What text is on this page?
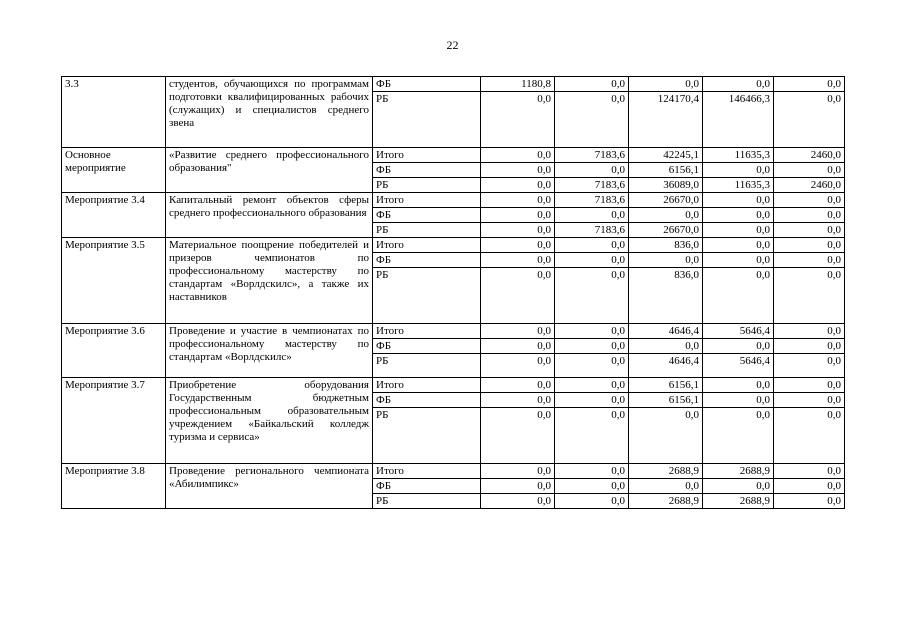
22
3.3	студентов, обучающихся по программам подготовки квалифицированных рабочих (служащих) и специалистов среднего звена	ФБ	1180,8	0,0	0,0	0,0	0,0
		РБ	0,0	0,0	124170,4	146466,3	0,0
Основное мероприятие	«Развитие среднего профессионального образования"	Итого	0,0	7183,6	42245,1	11635,3	2460,0
		ФБ	0,0	0,0	6156,1	0,0	0,0
		РБ	0,0	7183,6	36089,0	11635,3	2460,0
Мероприятие 3.4	Капитальный ремонт объектов сферы среднего профессионального образования	Итого	0,0	7183,6	26670,0	0,0	0,0
		ФБ	0,0	0,0	0,0	0,0	0,0
		РБ	0,0	7183,6	26670,0	0,0	0,0
Мероприятие 3.5	Материальное поощрение победителей и призеров чемпионатов по профессиональному мастерству по стандартам «Ворлдскилс», а также их наставников	Итого	0,0	0,0	836,0	0,0	0,0
		ФБ	0,0	0,0	0,0	0,0	0,0
		РБ	0,0	0,0	836,0	0,0	0,0
Мероприятие 3.6	Проведение и участие в чемпионатах по профессиональному мастерству по стандартам «Ворлдскилс»	Итого	0,0	0,0	4646,4	5646,4	0,0
		ФБ	0,0	0,0	0,0	0,0	0,0
		РБ	0,0	0,0	4646,4	5646,4	0,0
Мероприятие 3.7	Приобретение оборудования Государственным бюджетным профессиональным образовательным учреждением «Байкальский колледж туризма и сервиса»	Итого	0,0	0,0	6156,1	0,0	0,0
		ФБ	0,0	0,0	6156,1	0,0	0,0
		РБ	0,0	0,0	0,0	0,0	0,0
Мероприятие 3.8	Проведение регионального чемпионата «Абилимпикс»	Итого	0,0	0,0	2688,9	2688,9	0,0
		ФБ	0,0	0,0	0,0	0,0	0,0
		РБ	0,0	0,0	2688,9	2688,9	0,0
